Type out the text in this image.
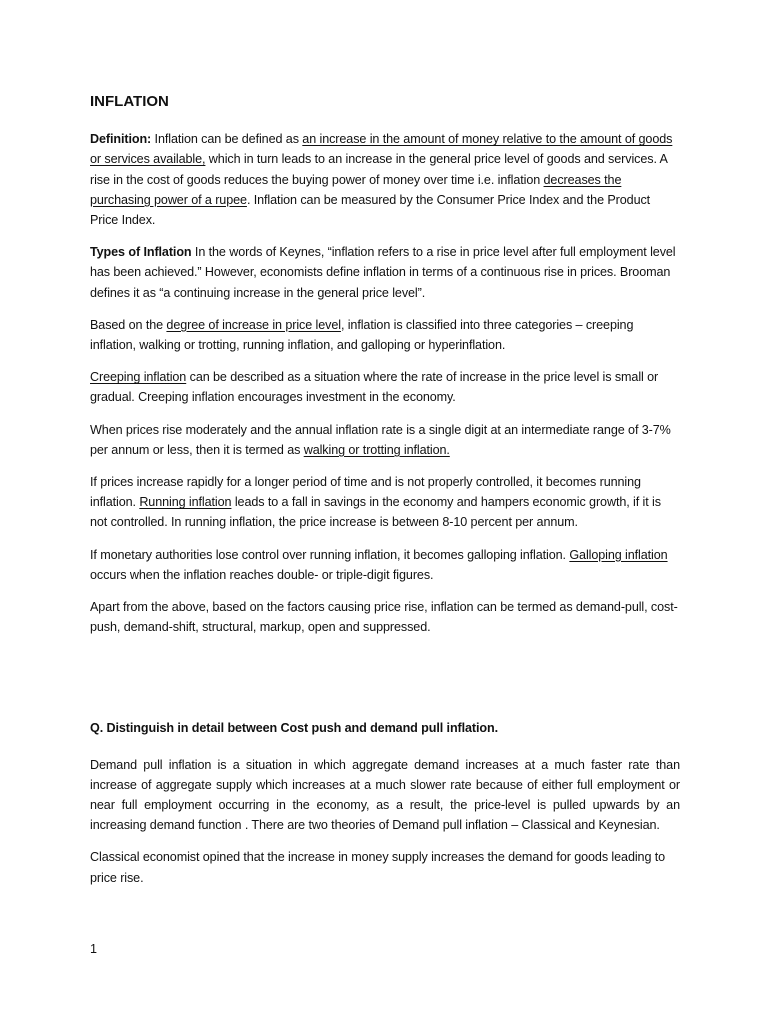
INFLATION

Definition: Inflation can be defined as an increase in the amount of money relative to the amount of goods or services available, which in turn leads to an increase in the general price level of goods and services. A rise in the cost of goods reduces the buying power of money over time i.e. inflation decreases the purchasing power of a rupee. Inflation can be measured by the Consumer Price Index and the Product Price Index.

Types of Inflation In the words of Keynes, “inflation refers to a rise in price level after full employment level has been achieved.” However, economists define inflation in terms of a continuous rise in prices. Brooman defines it as “a continuing increase in the general price level”.

Based on the degree of increase in price level, inflation is classified into three categories – creeping inflation, walking or trotting, running inflation, and galloping or hyperinflation.

Creeping inflation can be described as a situation where the rate of increase in the price level is small or gradual. Creeping inflation encourages investment in the economy.

When prices rise moderately and the annual inflation rate is a single digit at an intermediate range of 3-7% per annum or less, then it is termed as walking or trotting inflation.

If prices increase rapidly for a longer period of time and is not properly controlled, it becomes running inflation. Running inflation leads to a fall in savings in the economy and hampers economic growth, if it is not controlled. In running inflation, the price increase is between 8-10 percent per annum.

If monetary authorities lose control over running inflation, it becomes galloping inflation. Galloping inflation occurs when the inflation reaches double- or triple-digit figures.

Apart from the above, based on the factors causing price rise, inflation can be termed as demand-pull, cost-push, demand-shift, structural, markup, open and suppressed.

Q. Distinguish in detail between Cost push and demand pull inflation.

Demand pull inflation is a situation in which aggregate demand increases at a much faster rate than increase of aggregate supply which increases at a much slower rate because of either full employment or near full employment occurring in the economy, as a result, the price-level is pulled upwards by an increasing demand function . There are two theories of Demand pull inflation – Classical and Keynesian.

Classical economist opined that the increase in money supply increases the demand for goods leading to price rise.

1
